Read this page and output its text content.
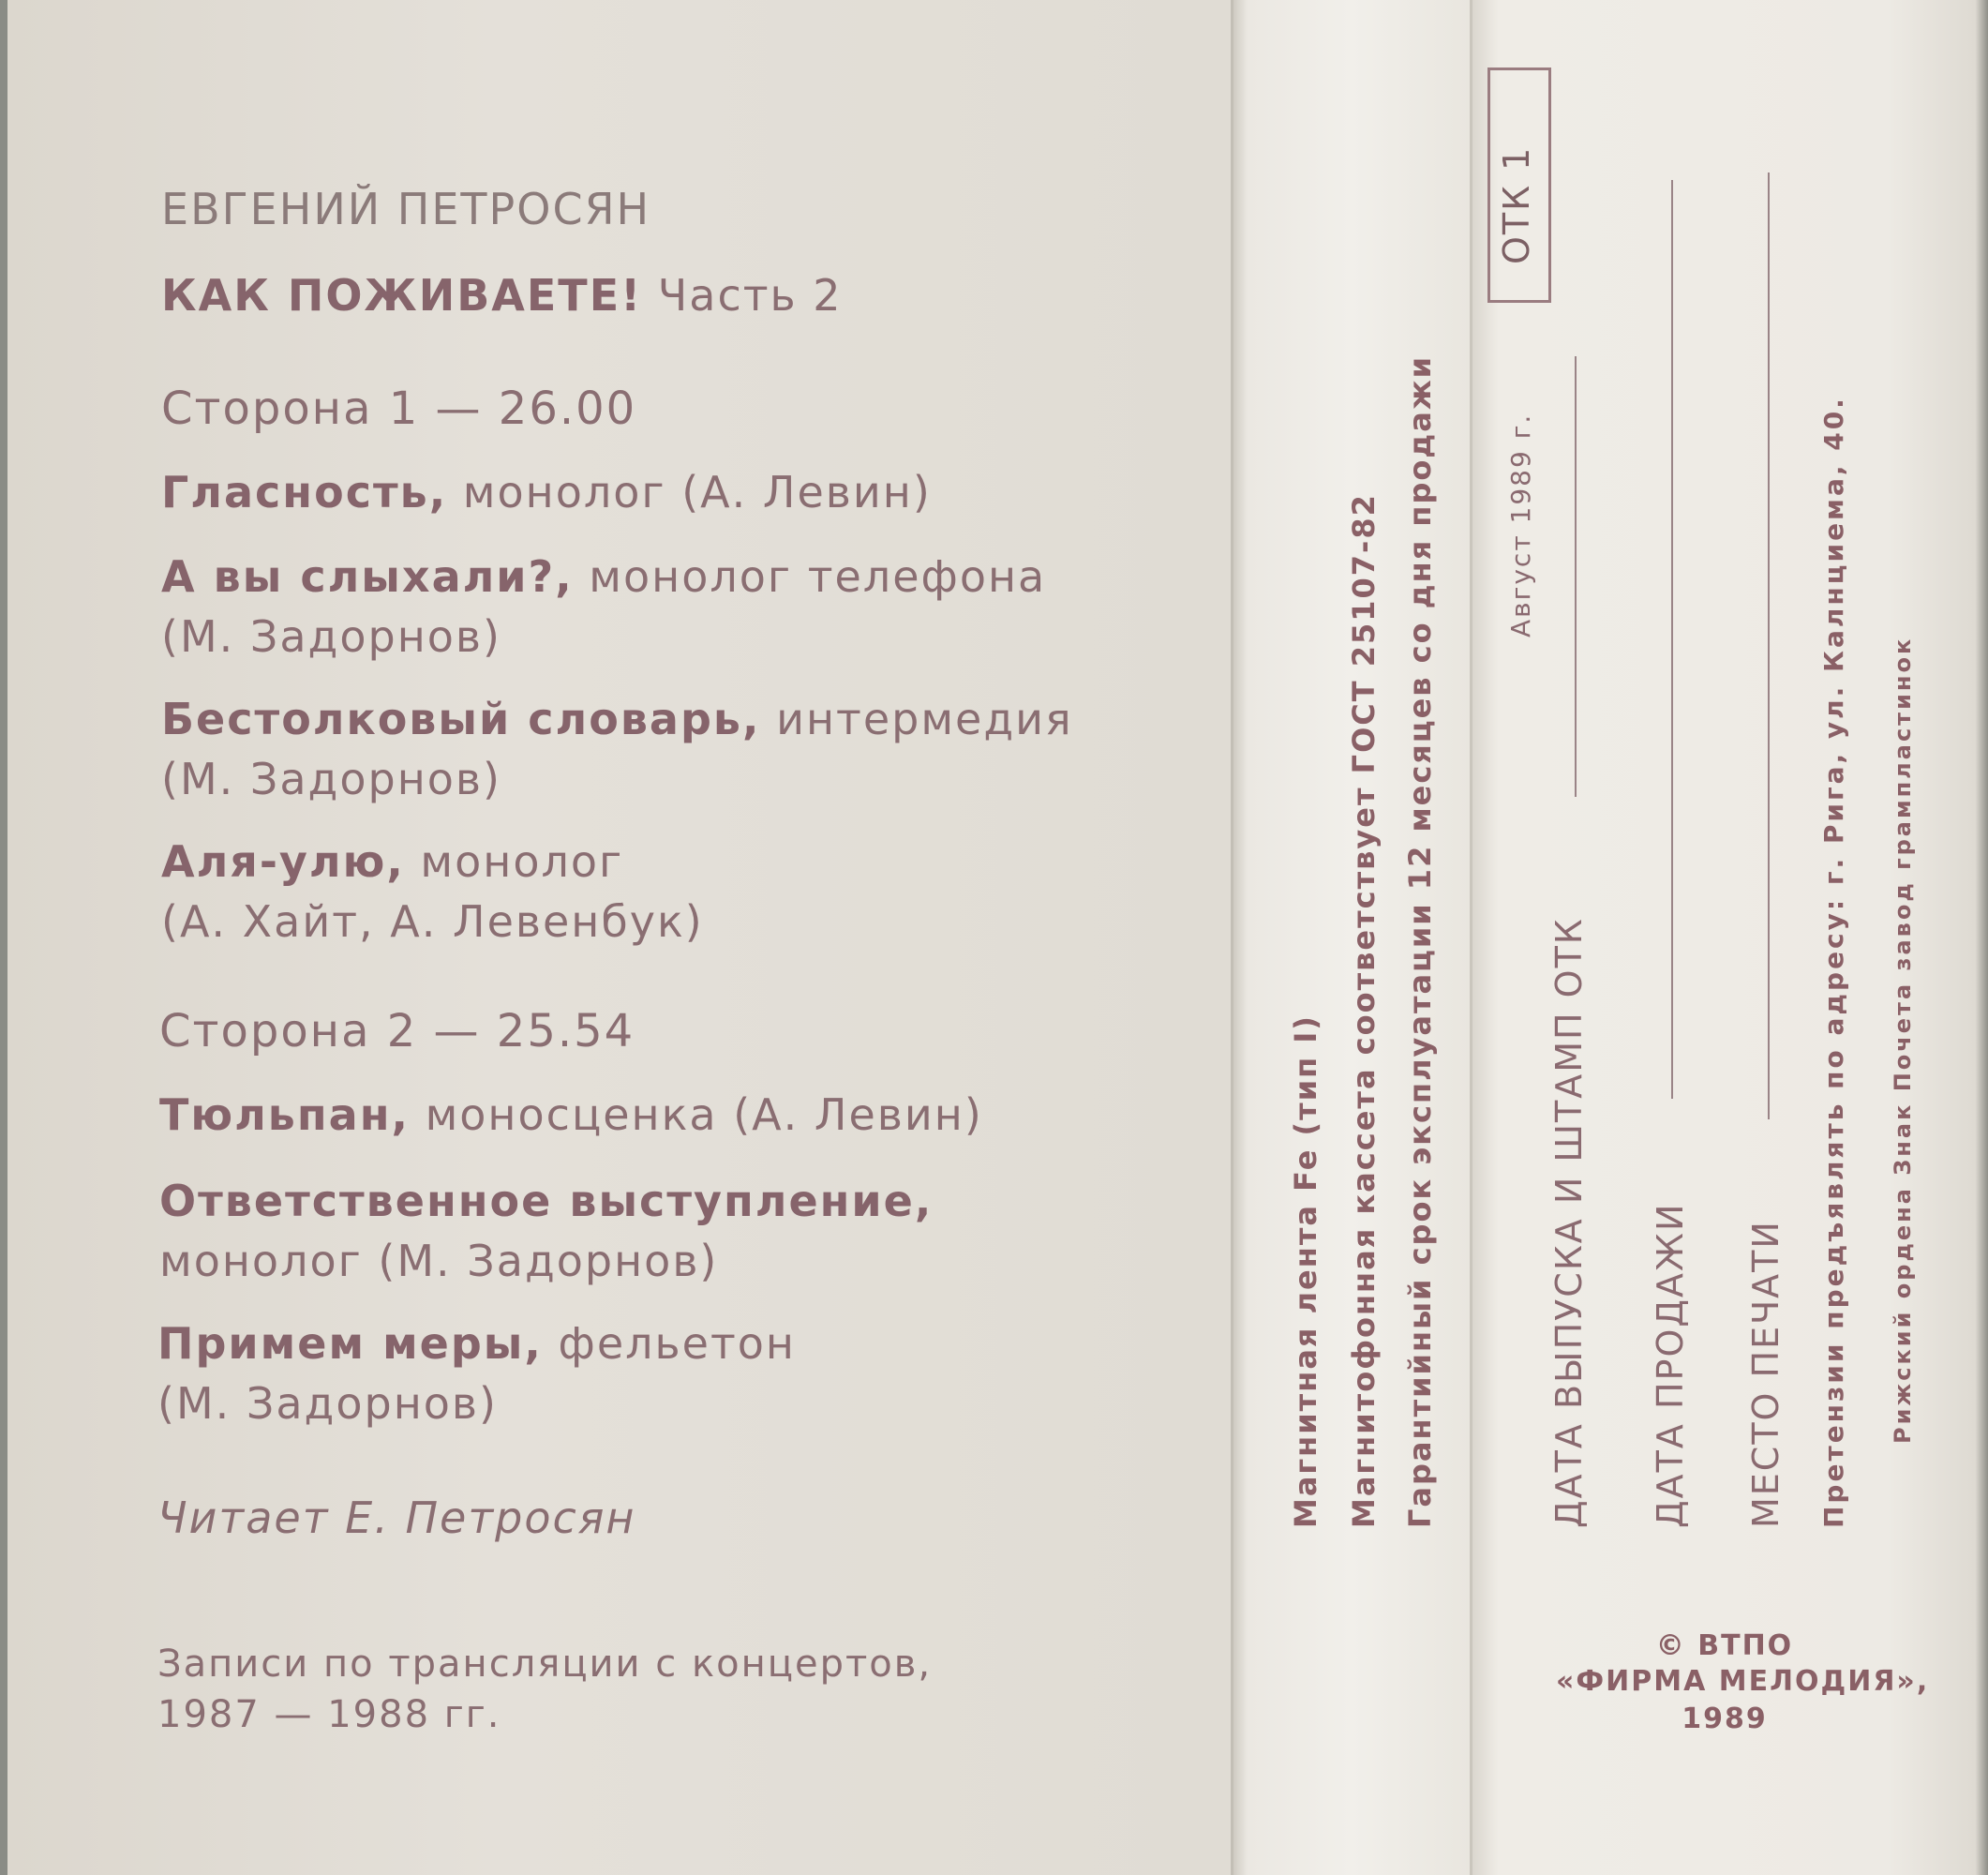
ЕВГЕНИЙ ПЕТРОСЯН
КАК ПОЖИВАЕТЕ! Часть 2
Сторона 1 — 26.00
Гласность, монолог (А. Левин)
А вы слыхали?, монолог телефона
(М. Задорнов)
Бестолковый словарь, интермедия
(М. Задорнов)
Аля-улю, монолог
(А. Хайт, А. Левенбук)
Сторона 2 — 25.54
Тюльпан, моносценка (А. Левин)
Ответственное выступление,
монолог (М. Задорнов)
Примем меры, фельетон
(М. Задорнов)
Читает Е. Петросян
Записи по трансляции с концертов,
1987 — 1988 гг.
Магнитная лента Fe (тип I) Магнитофонная кассета соответствует ГОСТ 25107-82 Гарантийный срок эксплуатации 12 месяцев со дня продажи
ОТК 1
Август 1989 г.
ДАТА ВЫПУСКА И ШТАМП ОТК ДАТА ПРОДАЖИ МЕСТО ПЕЧАТИ Претензии предъявлять по адресу: г. Рига, ул. Калнциема, 40. Рижский ордена Знак Почета завод грампластинок
© ВТПО
«ФИРМА МЕЛОДИЯ»,
1989
